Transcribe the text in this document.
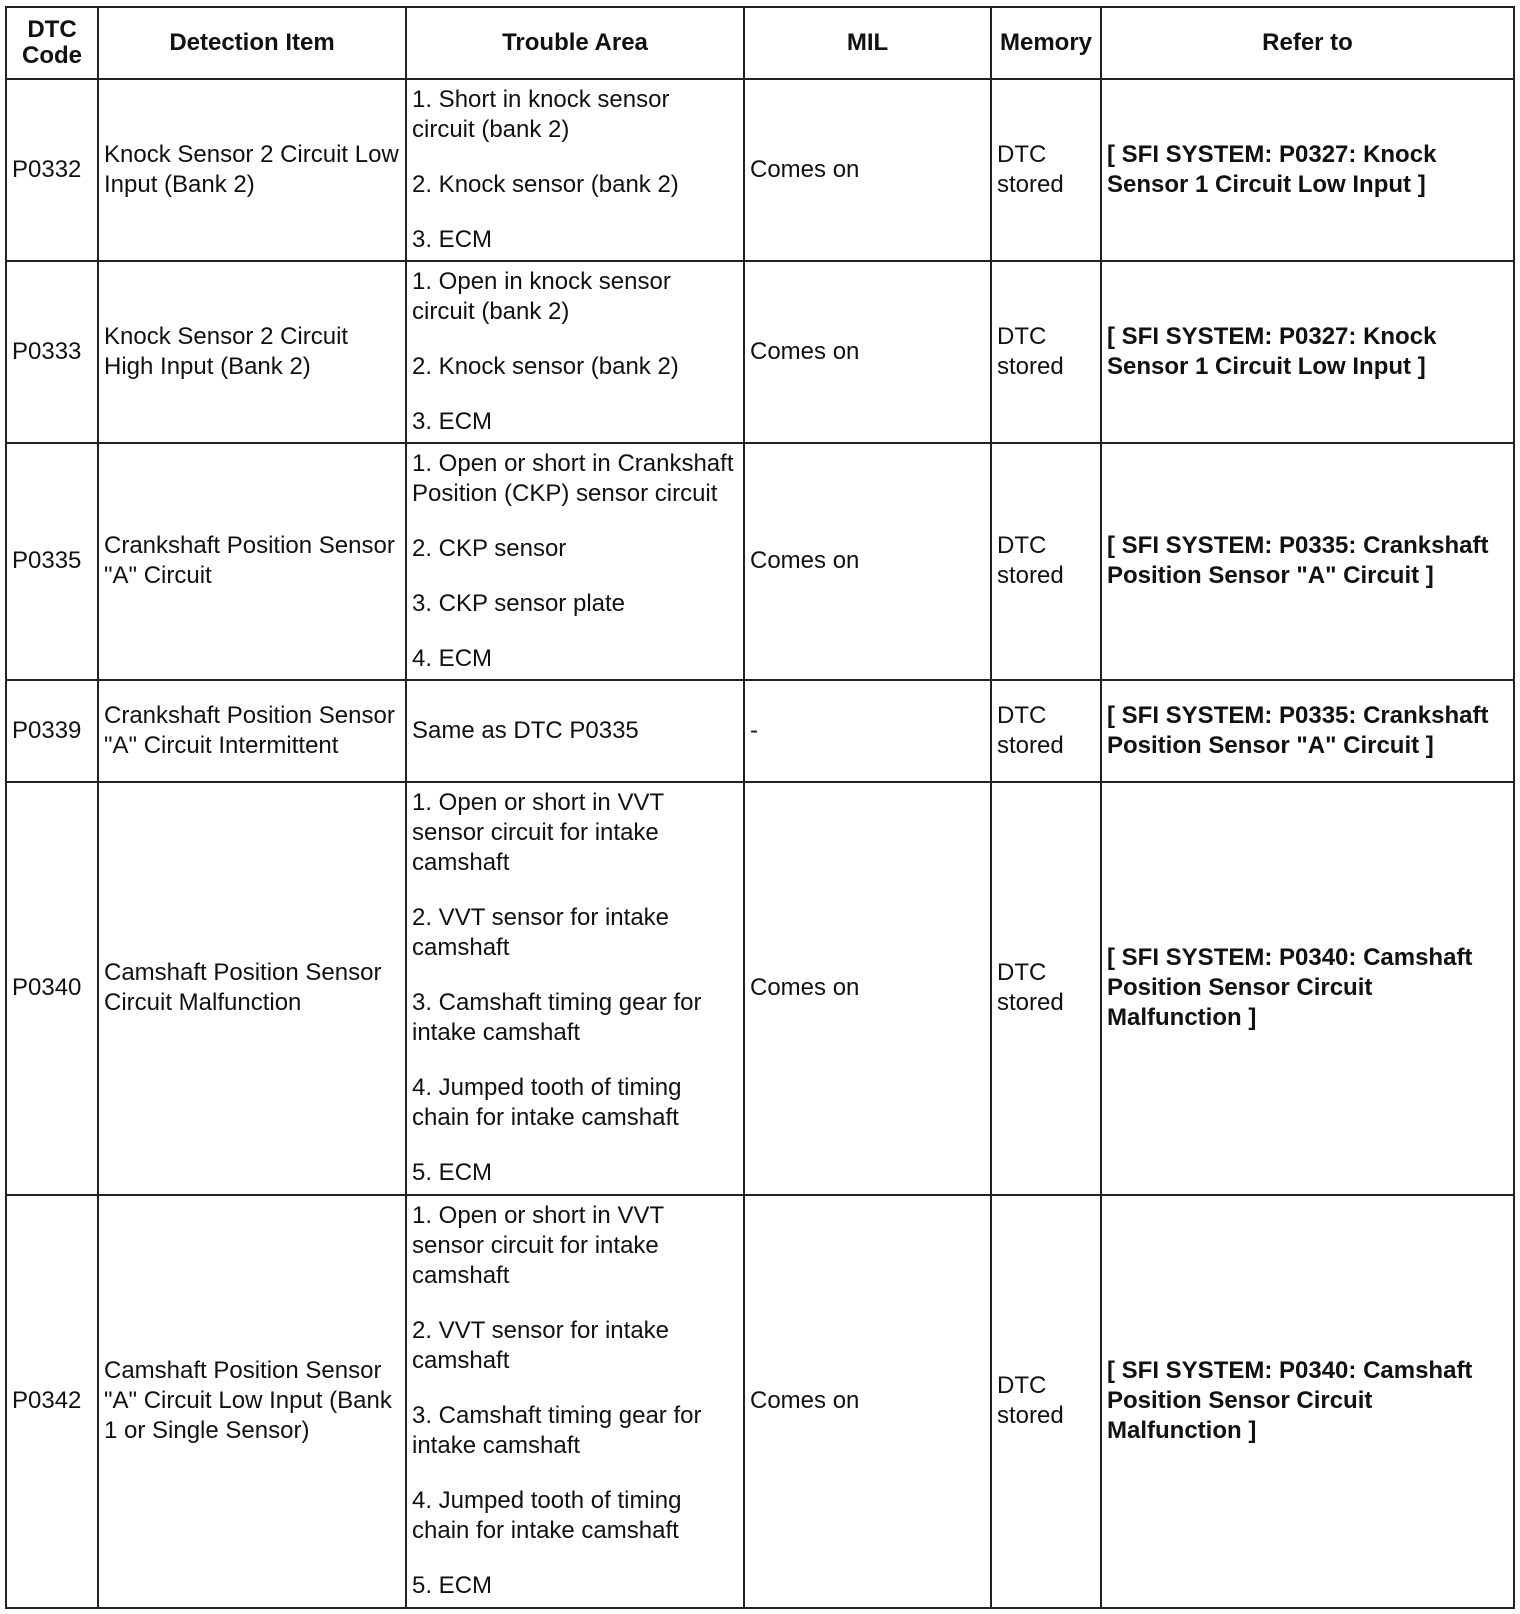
DTC
Code	Detection Item	Trouble Area	MIL	Memory	Refer to
P0332	Knock Sensor 2 Circuit Low Input (Bank 2)	1. Short in knock sensor circuit (bank 2)
2. Knock sensor (bank 2)
3. ECM	Comes on	DTC stored	[ SFI SYSTEM: P0327: Knock Sensor 1 Circuit Low Input ]
P0333	Knock Sensor 2 Circuit High Input (Bank 2)	1. Open in knock sensor circuit (bank 2)
2. Knock sensor (bank 2)
3. ECM	Comes on	DTC stored	[ SFI SYSTEM: P0327: Knock Sensor 1 Circuit Low Input ]
P0335	Crankshaft Position Sensor "A" Circuit	1. Open or short in Crankshaft Position (CKP) sensor circuit
2. CKP sensor
3. CKP sensor plate
4. ECM	Comes on	DTC stored	[ SFI SYSTEM: P0335: Crankshaft Position Sensor "A" Circuit ]
P0339	Crankshaft Position Sensor "A" Circuit Intermittent	Same as DTC P0335	-	DTC stored	[ SFI SYSTEM: P0335: Crankshaft Position Sensor "A" Circuit ]
P0340	Camshaft Position Sensor Circuit Malfunction	1. Open or short in VVT sensor circuit for intake camshaft
2. VVT sensor for intake camshaft
3. Camshaft timing gear for intake camshaft
4. Jumped tooth of timing chain for intake camshaft
5. ECM	Comes on	DTC stored	[ SFI SYSTEM: P0340: Camshaft Position Sensor Circuit Malfunction ]
P0342	Camshaft Position Sensor "A" Circuit Low Input (Bank 1 or Single Sensor)	1. Open or short in VVT sensor circuit for intake camshaft
2. VVT sensor for intake camshaft
3. Camshaft timing gear for intake camshaft
4. Jumped tooth of timing chain for intake camshaft
5. ECM	Comes on	DTC stored	[ SFI SYSTEM: P0340: Camshaft Position Sensor Circuit Malfunction ]
